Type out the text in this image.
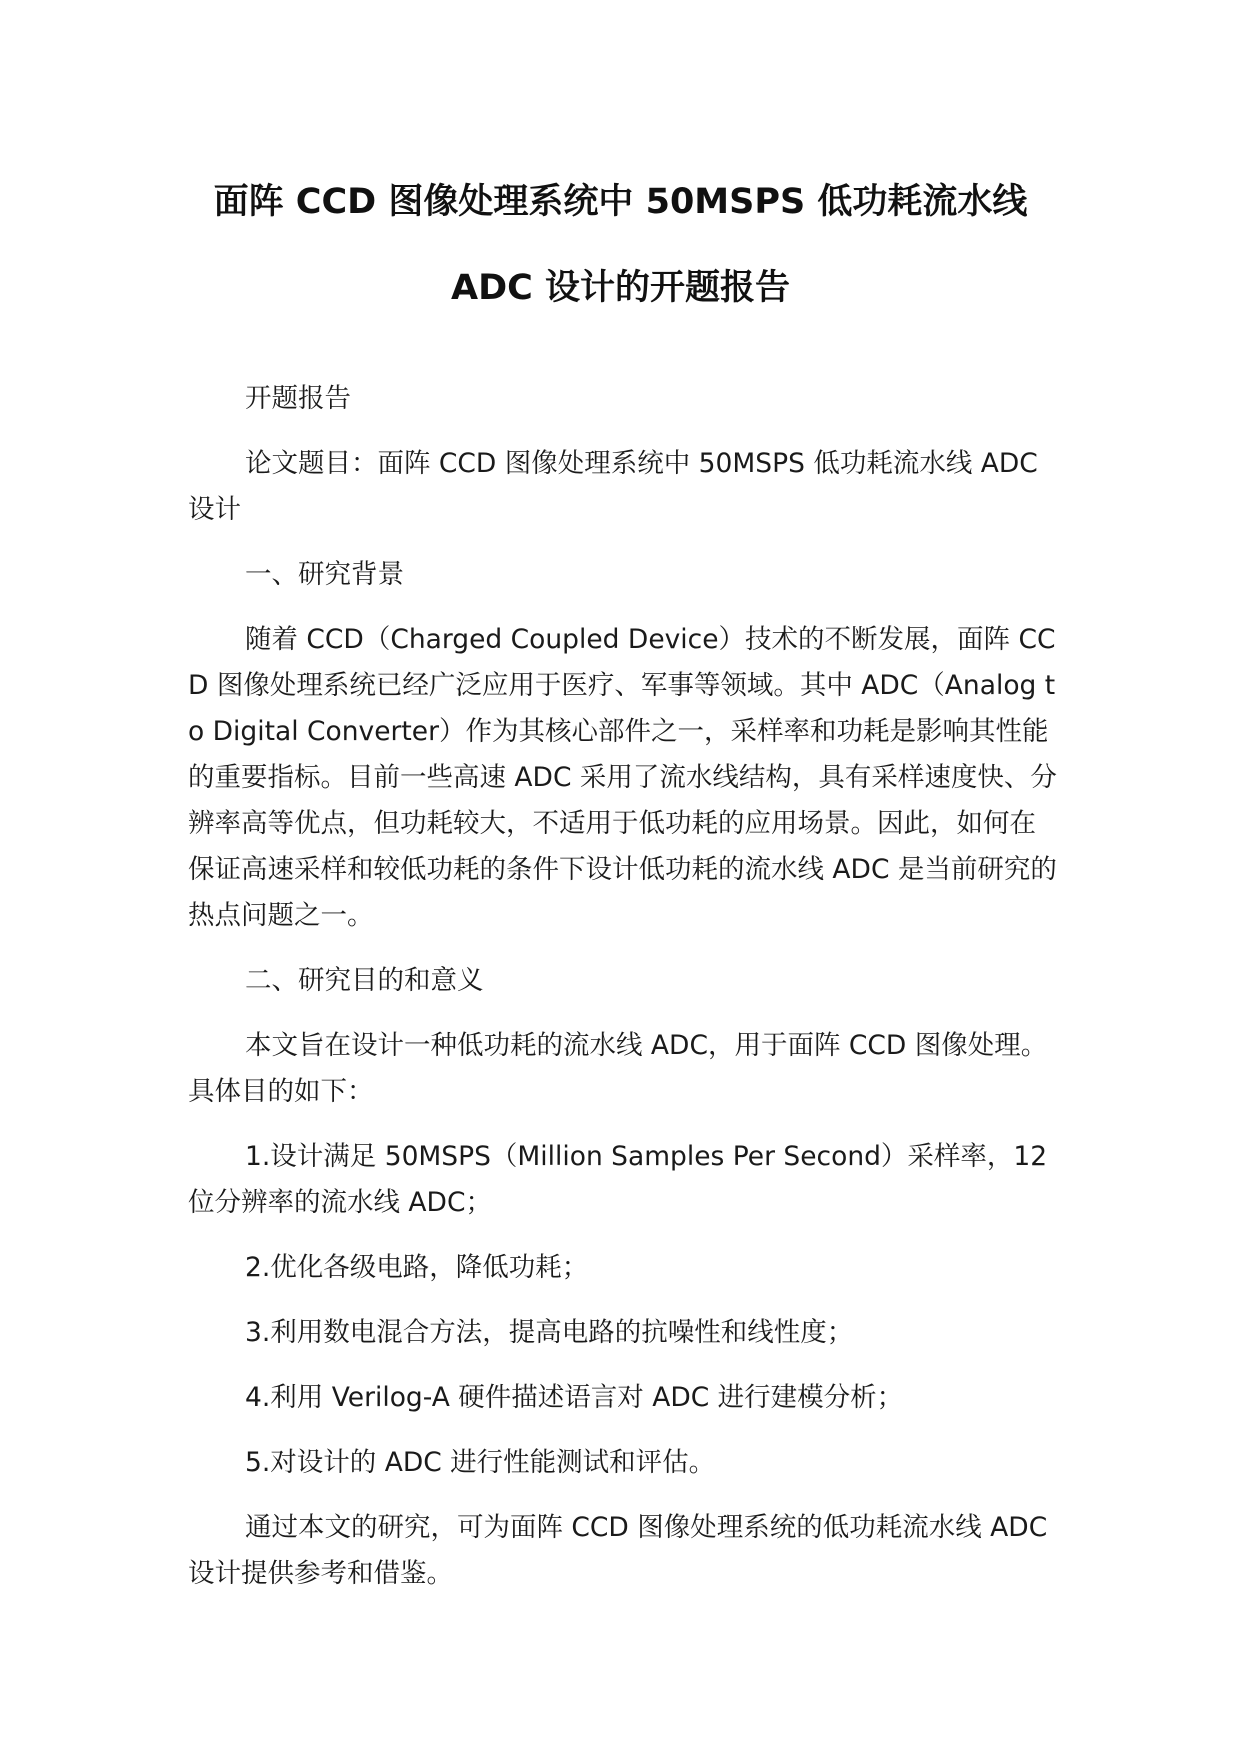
面阵 CCD 图像处理系统中 50MSPS 低功耗流水线
ADC 设计的开题报告

开题报告

论文题目：面阵 CCD 图像处理系统中 50MSPS 低功耗流水线 ADC 设计

一、研究背景

随着 CCD（Charged Coupled Device）技术的不断发展，面阵 CCD 图像处理系统已经广泛应用于医疗、军事等领域。其中 ADC（Analog to Digital Converter）作为其核心部件之一，采样率和功耗是影响其性能的重要指标。目前一些高速 ADC 采用了流水线结构，具有采样速度快、分辨率高等优点，但功耗较大，不适用于低功耗的应用场景。因此，如何在保证高速采样和较低功耗的条件下设计低功耗的流水线 ADC 是当前研究的热点问题之一。

二、研究目的和意义

本文旨在设计一种低功耗的流水线 ADC，用于面阵 CCD 图像处理。具体目的如下：

1.设计满足 50MSPS（Million Samples Per Second）采样率，12 位分辨率的流水线 ADC；

2.优化各级电路，降低功耗；

3.利用数电混合方法，提高电路的抗噪性和线性度；

4.利用 Verilog-A 硬件描述语言对 ADC 进行建模分析；

5.对设计的 ADC 进行性能测试和评估。

通过本文的研究，可为面阵 CCD 图像处理系统的低功耗流水线 ADC 设计提供参考和借鉴。
